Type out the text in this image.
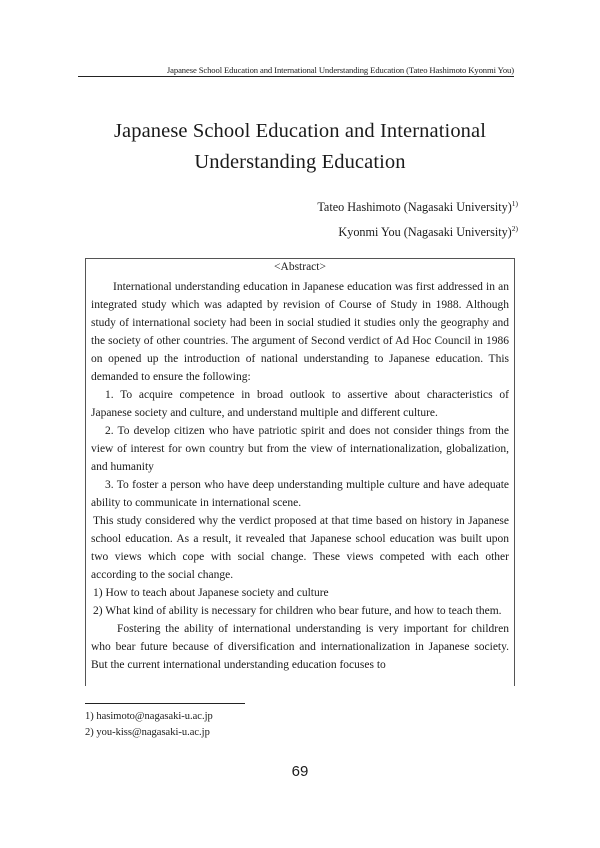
Japanese School Education and International Understanding Education (Tateo Hashimoto Kyonmi You)
Japanese School Education and International
Understanding Education
Tateo Hashimoto (Nagasaki University)$^{1)}$
Kyonmi You (Nagasaki University)$^{2)}$
<Abstract>

International understanding education in Japanese education was first addressed in an integrated study which was adapted by revision of Course of Study in 1988. Although study of international society had been in social studied it studies only the geography and the society of other countries. The argument of Second verdict of Ad Hoc Council in 1986 on opened up the introduction of national understanding to Japanese education. This demanded to ensure the following:

1. To acquire competence in broad outlook to assertive about characteristics of Japanese society and culture, and understand multiple and different culture.

2. To develop citizen who have patriotic spirit and does not consider things from the view of interest for own country but from the view of internationalization, globalization, and humanity

3. To foster a person who have deep understanding multiple culture and have adequate ability to communicate in international scene.

This study considered why the verdict proposed at that time based on history in Japanese school education. As a result, it revealed that Japanese school education was built upon two views which cope with social change. These views competed with each other according to the social change.

1) How to teach about Japanese society and culture

2) What kind of ability is necessary for children who bear future, and how to teach them.

Fostering the ability of international understanding is very important for children who bear future because of diversification and internationalization in Japanese society. But the current international understanding education focuses to

1) hasimoto@nagasaki-u.ac.jp
2) you-kiss@nagasaki-u.ac.jp
69
